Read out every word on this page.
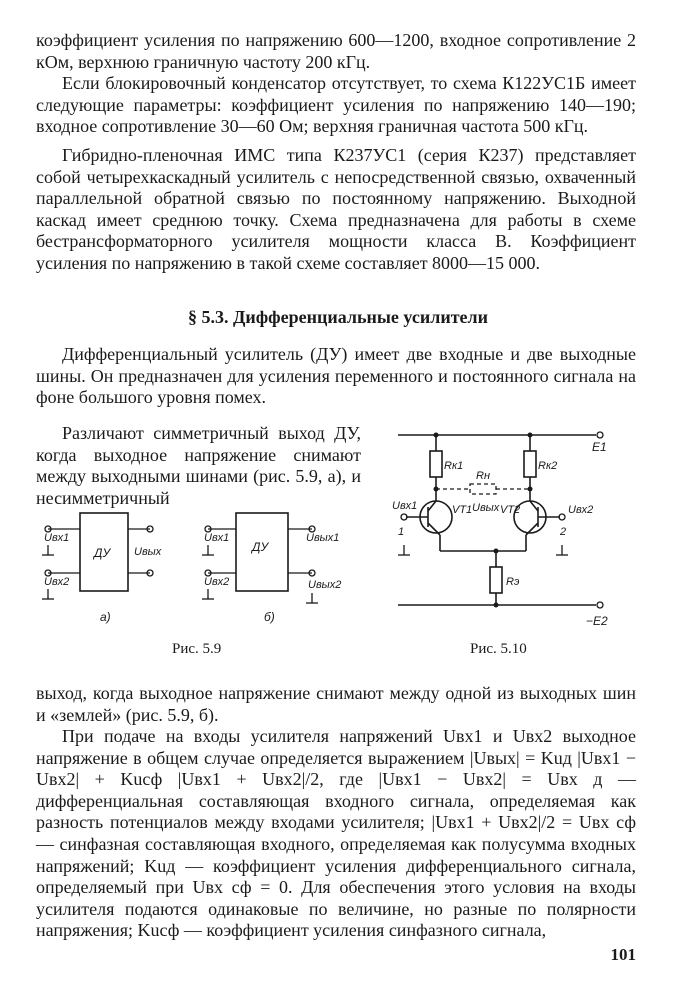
коэффициент усиления по напряжению 600—1200, входное сопротивление 2 кОм, верхнюю граничную частоту 200 кГц.

Если блокировочный конденсатор отсутствует, то схема К122УС1Б имеет следующие параметры: коэффициент усиления по напряжению 140—190; входное сопротивление 30—60 Ом; верхняя граничная частота 500 кГц.

Гибридно-пленочная ИМС типа К237УС1 (серия К237) представляет собой четырехкаскадный усилитель с непосредственной связью, охваченный параллельной обратной связью по постоянному напряжению. Выходной каскад имеет среднюю точку. Схема предназначена для работы в схеме бестрансформаторного усилителя мощности класса В. Коэффициент усиления по напряжению в такой схеме составляет 8000—15 000.

§ 5.3. Дифференциальные усилители

Дифференциальный усилитель (ДУ) имеет две входные и две выходные шины. Он предназначен для усиления переменного и постоянного сигнала на фоне большого уровня помех.

Различают симметричный выход ДУ, когда выходное напряжение снимают между выходными шинами (рис. 5.9, а), и несимметричный

Uвх1
Uвх2
ДУ Uвых
а)
Uвх1
Uвх2
ДУ
Uвых1
Uвых2
б)
Рис. 5.9
E1
−E2
Rк1	Rк2
Rн
Rэ
VT1	VT2
Uвх1	Uвх2
1	2
Uвых
Рис. 5.10

выход, когда выходное напряжение снимают между одной из выходных шин и «землей» (рис. 5.9, б).

При подаче на входы усилителя напряжений Uвх1 и Uвх2 выходное напряжение в общем случае определяется выражением |Uвых| = Kuд |Uвх1 − Uвх2| + Kuсф |Uвх1 + Uвх2|/2, где |Uвх1 − Uвх2| = Uвх д — дифференциальная составляющая входного сигнала, определяемая как разность потенциалов между входами усилителя; |Uвх1 + Uвх2|/2 = Uвх сф — синфазная составляющая входного, определяемая как полусумма входных напряжений; Kuд — коэффициент усиления дифференциального сигнала, определяемый при Uвх сф = 0. Для обеспечения этого условия на входы усилителя подаются одинаковые по величине, но разные по полярности напряжения; Kuсф — коэффициент усиления синфазного сигнала,

101
